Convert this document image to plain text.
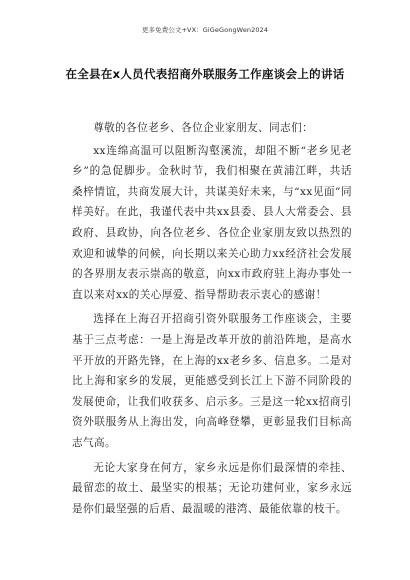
更多免费公文+VX：GiGeGongWen2024
在全县在x人员代表招商外联服务工作座谈会上的讲话

尊敬的各位老乡、各位企业家朋友、同志们：

xx连绵高温可以阻断沟壑溪流，却阻不断“老乡见老乡”的急促脚步。金秋时节，我们相聚在黄浦江畔，共话桑梓情谊，共商发展大计，共谋美好未来，与“xx见面”同样美好。在此，我谨代表中共xx县委、县人大常委会、县政府、县政协，向各位老乡、各位企业家朋友致以热烈的欢迎和诚挚的问候，向长期以来关心助力xx经济社会发展的各界朋友表示崇高的敬意，向xx市政府驻上海办事处一直以来对xx的关心厚爱、指导帮助表示衷心的感谢！

选择在上海召开招商引资外联服务工作座谈会，主要基于三点考虑：一是上海是改革开放的前沿阵地，是高水平开放的开路先锋，在上海的xx老乡多、信息多。二是对比上海和家乡的发展，更能感受到长江上下游不同阶段的发展使命，让我们收获多、启示多。三是这一轮xx招商引资外联服务从上海出发，向高峰登攀，更彰显我们目标高志气高。

无论大家身在何方，家乡永远是你们最深情的牵挂、最留恋的故土、最坚实的根基；无论功建何业，家乡永远是你们最坚强的后盾、最温暖的港湾、最能依靠的枝干。
